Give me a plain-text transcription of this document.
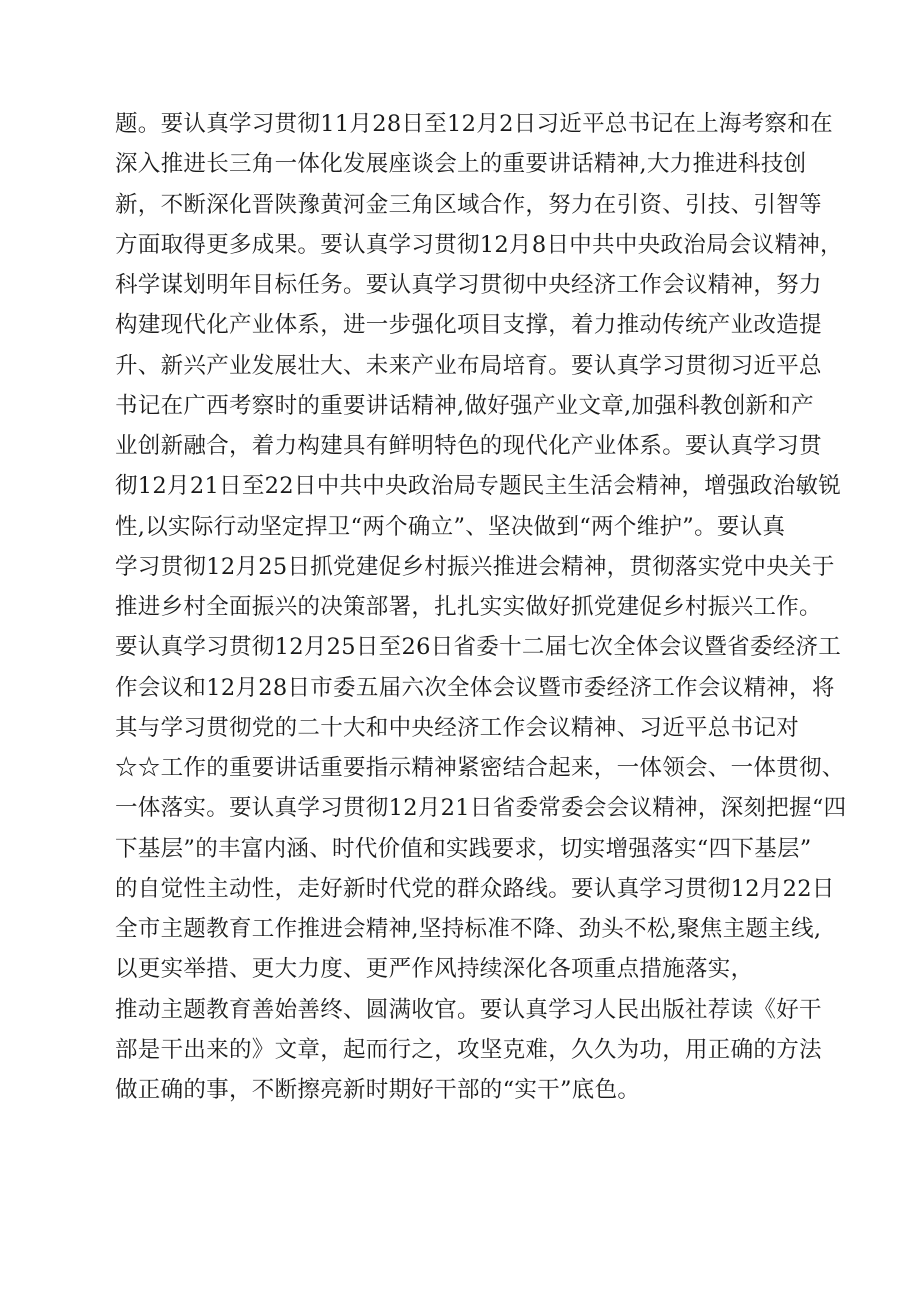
题。要认真学习贯彻11月28日至12月2日习近平总书记在上海考察和在
深入推进长三角一体化发展座谈会上的重要讲话精神,大力推进科技创
新，不断深化晋陕豫黄河金三角区域合作，努力在引资、引技、引智等
方面取得更多成果。要认真学习贯彻12月8日中共中央政治局会议精神，
科学谋划明年目标任务。要认真学习贯彻中央经济工作会议精神，努力
构建现代化产业体系，进一步强化项目支撑，着力推动传统产业改造提
升、新兴产业发展壮大、未来产业布局培育。要认真学习贯彻习近平总
书记在广西考察时的重要讲话精神,做好强产业文章,加强科教创新和产
业创新融合，着力构建具有鲜明特色的现代化产业体系。要认真学习贯
彻12月21日至22日中共中央政治局专题民主生活会精神，增强政治敏锐
性,以实际行动坚定捍卫“两个确立”、坚决做到“两个维护”。要认真
学习贯彻12月25日抓党建促乡村振兴推进会精神，贯彻落实党中央关于
推进乡村全面振兴的决策部署，扎扎实实做好抓党建促乡村振兴工作。
要认真学习贯彻12月25日至26日省委十二届七次全体会议暨省委经济工
作会议和12月28日市委五届六次全体会议暨市委经济工作会议精神，将
其与学习贯彻党的二十大和中央经济工作会议精神、习近平总书记对
☆☆工作的重要讲话重要指示精神紧密结合起来，一体领会、一体贯彻、
一体落实。要认真学习贯彻12月21日省委常委会会议精神，深刻把握“四
下基层”的丰富内涵、时代价值和实践要求，切实增强落实“四下基层”
的自觉性主动性，走好新时代党的群众路线。要认真学习贯彻12月22日
全市主题教育工作推进会精神,坚持标准不降、劲头不松,聚焦主题主线,
以更实举措、更大力度、更严作风持续深化各项重点措施落实，
推动主题教育善始善终、圆满收官。要认真学习人民出版社荐读《好干
部是干出来的》文章，起而行之，攻坚克难，久久为功，用正确的方法
做正确的事，不断擦亮新时期好干部的“实干”底色。
